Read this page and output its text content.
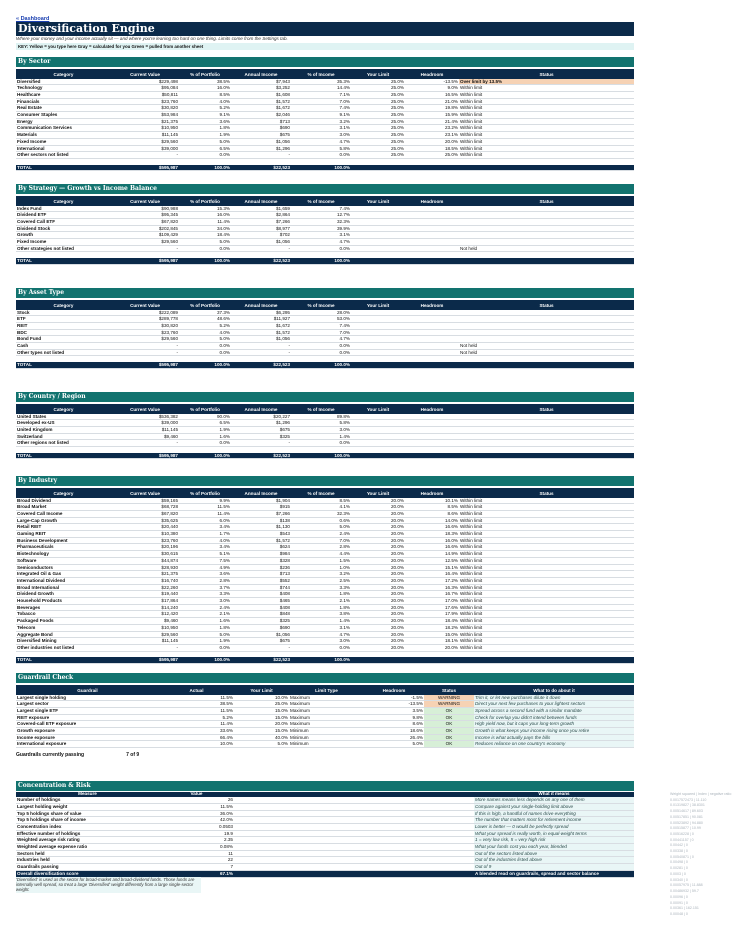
« Dashboard
Diversification Engine
Where your money and your income actually sit — and where you're leaning too hard on one thing. Limits come from the Settings tab.
KEY: Yellow = you type here Gray = calculated for you Green = pulled from another sheet
By Sector
Category	Current Value	% of Portfolio	Annual Income	% of Income	Your Limit	Headroom	Status
Diversified	$229,498	38.5%	$7,943	35.3%	25.0%	-13.5%	Over limit by 13.5%
Technology	$95,084	16.0%	$3,252	14.4%	25.0%	9.0%	Within limit
Healthcare	$50,811	8.5%	$1,608	7.1%	25.0%	16.5%	Within limit
Financials	$23,760	4.0%	$1,572	7.0%	25.0%	21.0%	Within limit
Real Estate	$30,820	5.2%	$1,672	7.4%	25.0%	19.8%	Within limit
Consumer Staples	$53,984	9.1%	$2,046	9.1%	25.0%	15.9%	Within limit
Energy	$21,375	3.6%	$713	3.2%	25.0%	21.4%	Within limit
Communication Services	$10,950	1.8%	$690	3.1%	25.0%	23.2%	Within limit
Materials	$11,145	1.9%	$675	3.0%	25.0%	23.1%	Within limit
Fixed Income	$29,560	5.0%	$1,056	4.7%	25.0%	20.0%	Within limit
International	$39,000	6.5%	$1,296	5.8%	25.0%	18.5%	Within limit
Other sectors not listed	-	0.0%	-	0.0%	25.0%	25.0%	Within limit

TOTAL	$595,987	100.0%	$22,523	100.0%			
By Strategy — Growth vs Income Balance
Category	Current Value	% of Portfolio	Annual Income	% of Income	Your Limit	Headroom	Status
Index Fund	$90,988	15.3%	$1,659	7.4%			
Dividend ETF	$95,345	16.0%	$2,864	12.7%			
Covered Call ETF	$67,820	11.4%	$7,266	32.3%			
Dividend Stock	$202,845	34.0%	$8,977	39.9%			
Growth	$109,429	18.4%	$702	3.1%			
Fixed Income	$29,560	5.0%	$1,056	4.7%			
Other strategies not listed	-	0.0%	-	0.0%			Not held

TOTAL	$595,987	100.0%	$22,523	100.0%			
By Asset Type
Category	Current Value	% of Portfolio	Annual Income	% of Income	Your Limit	Headroom	Status
Stock	$222,089	37.3%	$6,295	28.0%			
ETF	$289,778	48.6%	$11,927	53.0%			
REIT	$30,820	5.2%	$1,672	7.4%			
BDC	$23,760	4.0%	$1,572	7.0%			
Bond Fund	$29,560	5.0%	$1,056	4.7%			
Cash	-	0.0%	-	0.0%			Not held
Other types not listed	-	0.0%	-	0.0%			Not held

TOTAL	$595,987	100.0%	$22,523	100.0%			
By Country / Region
Category	Current Value	% of Portfolio	Annual Income	% of Income	Your Limit	Headroom	Status
United States	$536,382	90.0%	$20,227	89.8%			
Developed ex-US	$39,000	6.5%	$1,296	5.8%			
United Kingdom	$11,145	1.9%	$675	3.0%			
Switzerland	$9,460	1.6%	$325	1.4%			
Other regions not listed	-	0.0%	-	0.0%			

TOTAL	$595,987	100.0%	$22,523	100.0%			
By Industry
Category	Current Value	% of Portfolio	Annual Income	% of Income	Your Limit	Headroom	Status
Broad Dividend	$59,165	9.9%	$1,904	8.5%	20.0%	10.1%	Within limit
Broad Market	$68,728	11.5%	$915	4.1%	20.0%	8.5%	Within limit
Covered Call Income	$67,820	11.4%	$7,266	32.3%	20.0%	8.6%	Within limit
Large-Cap Growth	$35,625	6.0%	$138	0.6%	20.0%	14.0%	Within limit
Retail REIT	$20,440	3.4%	$1,130	5.0%	20.0%	16.6%	Within limit
Gaming REIT	$10,380	1.7%	$543	2.4%	20.0%	18.3%	Within limit
Business Development	$23,760	4.0%	$1,572	7.0%	20.0%	16.0%	Within limit
Pharmaceuticals	$20,196	3.4%	$624	2.8%	20.0%	16.6%	Within limit
Biotechnology	$30,615	5.1%	$984	4.4%	20.0%	14.9%	Within limit
Software	$44,874	7.5%	$328	1.5%	20.0%	12.5%	Within limit
Semiconductors	$28,930	4.9%	$236	1.0%	20.0%	15.1%	Within limit
Integrated Oil & Gas	$21,375	3.6%	$713	3.2%	20.0%	16.4%	Within limit
International Dividend	$16,740	2.8%	$552	2.5%	20.0%	17.2%	Within limit
Broad International	$22,260	3.7%	$744	3.3%	20.0%	16.3%	Within limit
Dividend Growth	$19,440	3.3%	$408	1.8%	20.0%	16.7%	Within limit
Household Products	$17,864	3.0%	$465	2.1%	20.0%	17.0%	Within limit
Beverages	$14,240	2.4%	$408	1.8%	20.0%	17.6%	Within limit
Tobacco	$12,420	2.1%	$848	3.8%	20.0%	17.9%	Within limit
Packaged Foods	$9,460	1.6%	$325	1.4%	20.0%	18.4%	Within limit
Telecom	$10,950	1.8%	$690	3.1%	20.0%	18.2%	Within limit
Aggregate Bond	$29,560	5.0%	$1,056	4.7%	20.0%	15.0%	Within limit
Diversified Mining	$11,145	1.9%	$675	3.0%	20.0%	18.1%	Within limit
Other industries not listed	-	0.0%	-	0.0%	20.0%	20.0%	Within limit

TOTAL	$595,987	100.0%	$22,523	100.0%			
Guardrail Check
Guardrail	Actual	Your Limit	Limit Type	Headroom	Status	What to do about it
Largest single holding	11.5%	10.0%	Maximum	-1.5%	WARNING	Trim it, or let new purchases dilute it down
Largest sector	38.5%	25.0%	Maximum	-13.5%	WARNING	Direct your next few purchases to your lightest sectors
Largest single ETF	11.5%	15.0%	Maximum	3.5%	OK	Spread across a second fund with a similar mandate
REIT exposure	5.2%	15.0%	Maximum	9.8%	OK	Check for overlap you didn't intend between funds
Covered-call ETF exposure	11.4%	20.0%	Maximum	8.6%	OK	High yield now, but it caps your long-term growth
Growth exposure	33.6%	15.0%	Minimum	18.6%	OK	Growth is what keeps your income rising once you retire
Income exposure	66.4%	40.0%	Minimum	26.4%	OK	Income is what actually pays the bills
International exposure	10.0%	5.0%	Minimum	5.0%	OK	Reduces reliance on one country's economy
Guardrails currently passing	7 of 9
Concentration & Risk
Measure	Value					What it means
Number of holdings	26					More names means less depends on any one of them
Largest holding weight	11.5%					Compare against your single-holding limit above
Top 5 holdings share of value	36.0%					If this is high, a handful of names drive everything
Top 5 holdings share of income	42.0%					The number that matters most for retirement income
Concentration index	0.0503					Lower is better — 0 would be perfectly spread
Effective number of holdings	19.9					What your spread is really worth, in equal-weight terms
Weighted average risk rating	2.35					1 = very low risk, 5 = very high risk
Weighted average expense ratio	0.08%					What your funds cost you each year, blended
Sectors held	11					Out of the sectors listed above
Industries held	22					Out of the industries listed above
Guardrails passing	7					Out of 9
Overall diversification score	67.1%					A blended read on guardrails, spread and sector balance
'Diversified' is used as the sector for broad-market and broad-dividend funds. Those funds are internally well spread, so treat a large 'Diversified' weight differently from a large single-sector weight.
Weight squared | Index | negative ratio
0.0017572473 | 11.110
0.01319827 | 38.8301
0.00514617 | 89.603
0.00517851 | 90.081
0.00523892 | 94.880
0.00515877 | 10.99
0.00516228 | 0
0.00441157 | 0
0.00442 | 0
0.00338 | 0
0.00540871 | 0
0.00498 | 0
0.00281 | 0
0.0003 | 0
0.00340 | 0
0.00057975 | 11.888
0.00486932 | 59.7
0.00096 | 0
0.00091 | 0
0.00361 | 162.151
0.00048 | 0
